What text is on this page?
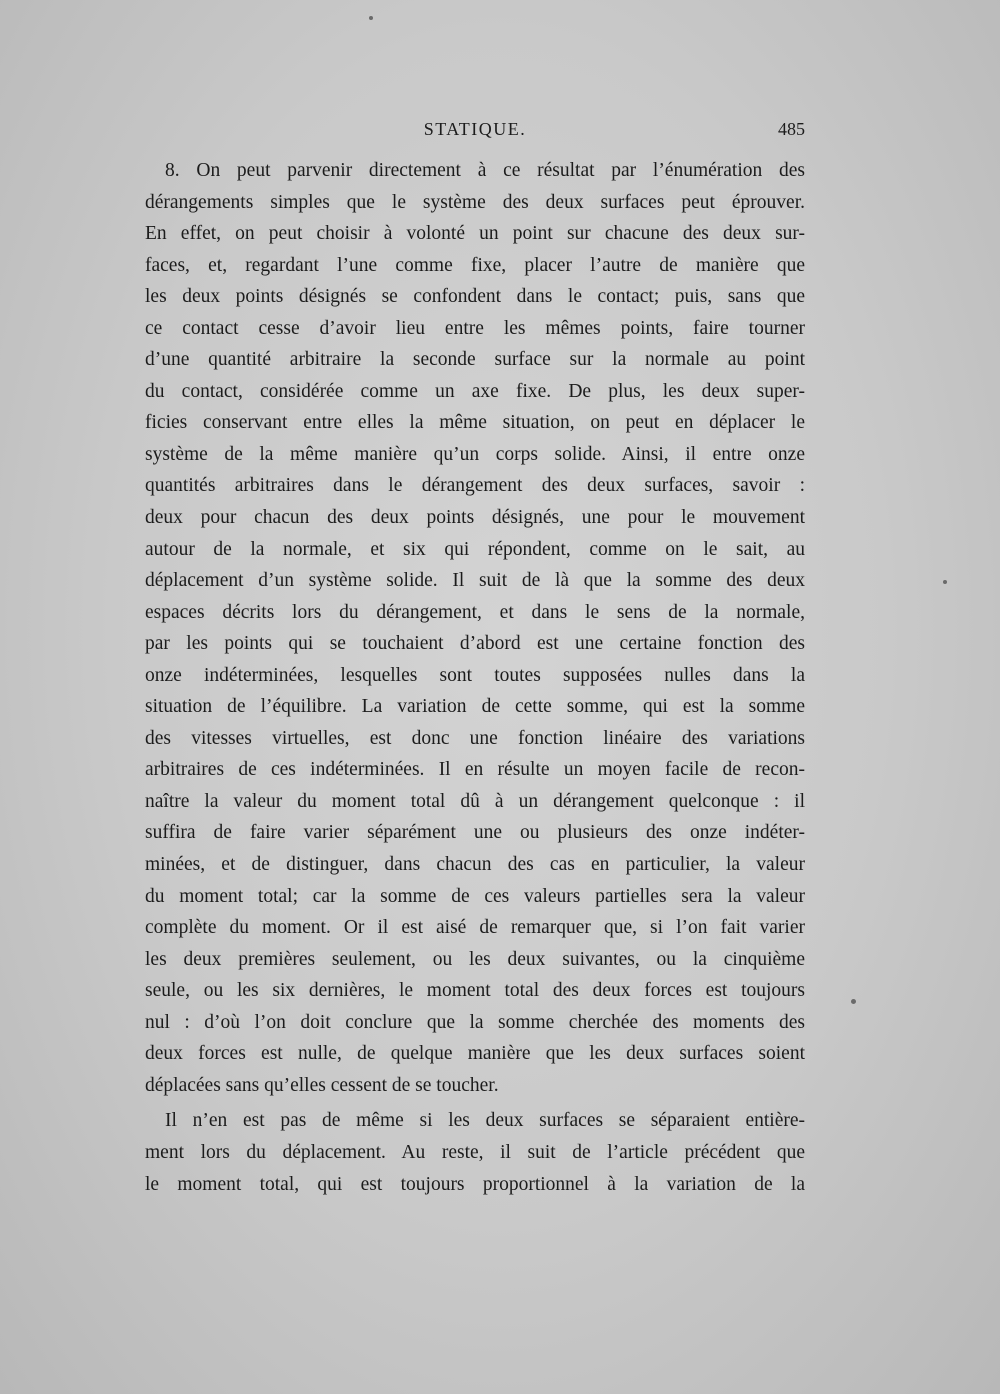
STATIQUE.	485
8. On peut parvenir directement à ce résultat par l’énumération des
dérangements simples que le système des deux surfaces peut éprouver.
En effet, on peut choisir à volonté un point sur chacune des deux sur-
faces, et, regardant l’une comme fixe, placer l’autre de manière que
les deux points désignés se confondent dans le contact; puis, sans que
ce contact cesse d’avoir lieu entre les mêmes points, faire tourner
d’une quantité arbitraire la seconde surface sur la normale au point
du contact, considérée comme un axe fixe. De plus, les deux super-
ficies conservant entre elles la même situation, on peut en déplacer le
système de la même manière qu’un corps solide. Ainsi, il entre onze
quantités arbitraires dans le dérangement des deux surfaces, savoir :
deux pour chacun des deux points désignés, une pour le mouvement
autour de la normale, et six qui répondent, comme on le sait, au
déplacement d’un système solide. Il suit de là que la somme des deux
espaces décrits lors du dérangement, et dans le sens de la normale,
par les points qui se touchaient d’abord est une certaine fonction des
onze indéterminées, lesquelles sont toutes supposées nulles dans la
situation de l’équilibre. La variation de cette somme, qui est la somme
des vitesses virtuelles, est donc une fonction linéaire des variations
arbitraires de ces indéterminées. Il en résulte un moyen facile de recon-
naître la valeur du moment total dû à un dérangement quelconque : il
suffira de faire varier séparément une ou plusieurs des onze indéter-
minées, et de distinguer, dans chacun des cas en particulier, la valeur
du moment total; car la somme de ces valeurs partielles sera la valeur
complète du moment. Or il est aisé de remarquer que, si l’on fait varier
les deux premières seulement, ou les deux suivantes, ou la cinquième
seule, ou les six dernières, le moment total des deux forces est toujours
nul : d’où l’on doit conclure que la somme cherchée des moments des
deux forces est nulle, de quelque manière que les deux surfaces soient
déplacées sans qu’elles cessent de se toucher.
Il n’en est pas de même si les deux surfaces se séparaient entière-
ment lors du déplacement. Au reste, il suit de l’article précédent que
le moment total, qui est toujours proportionnel à la variation de la
